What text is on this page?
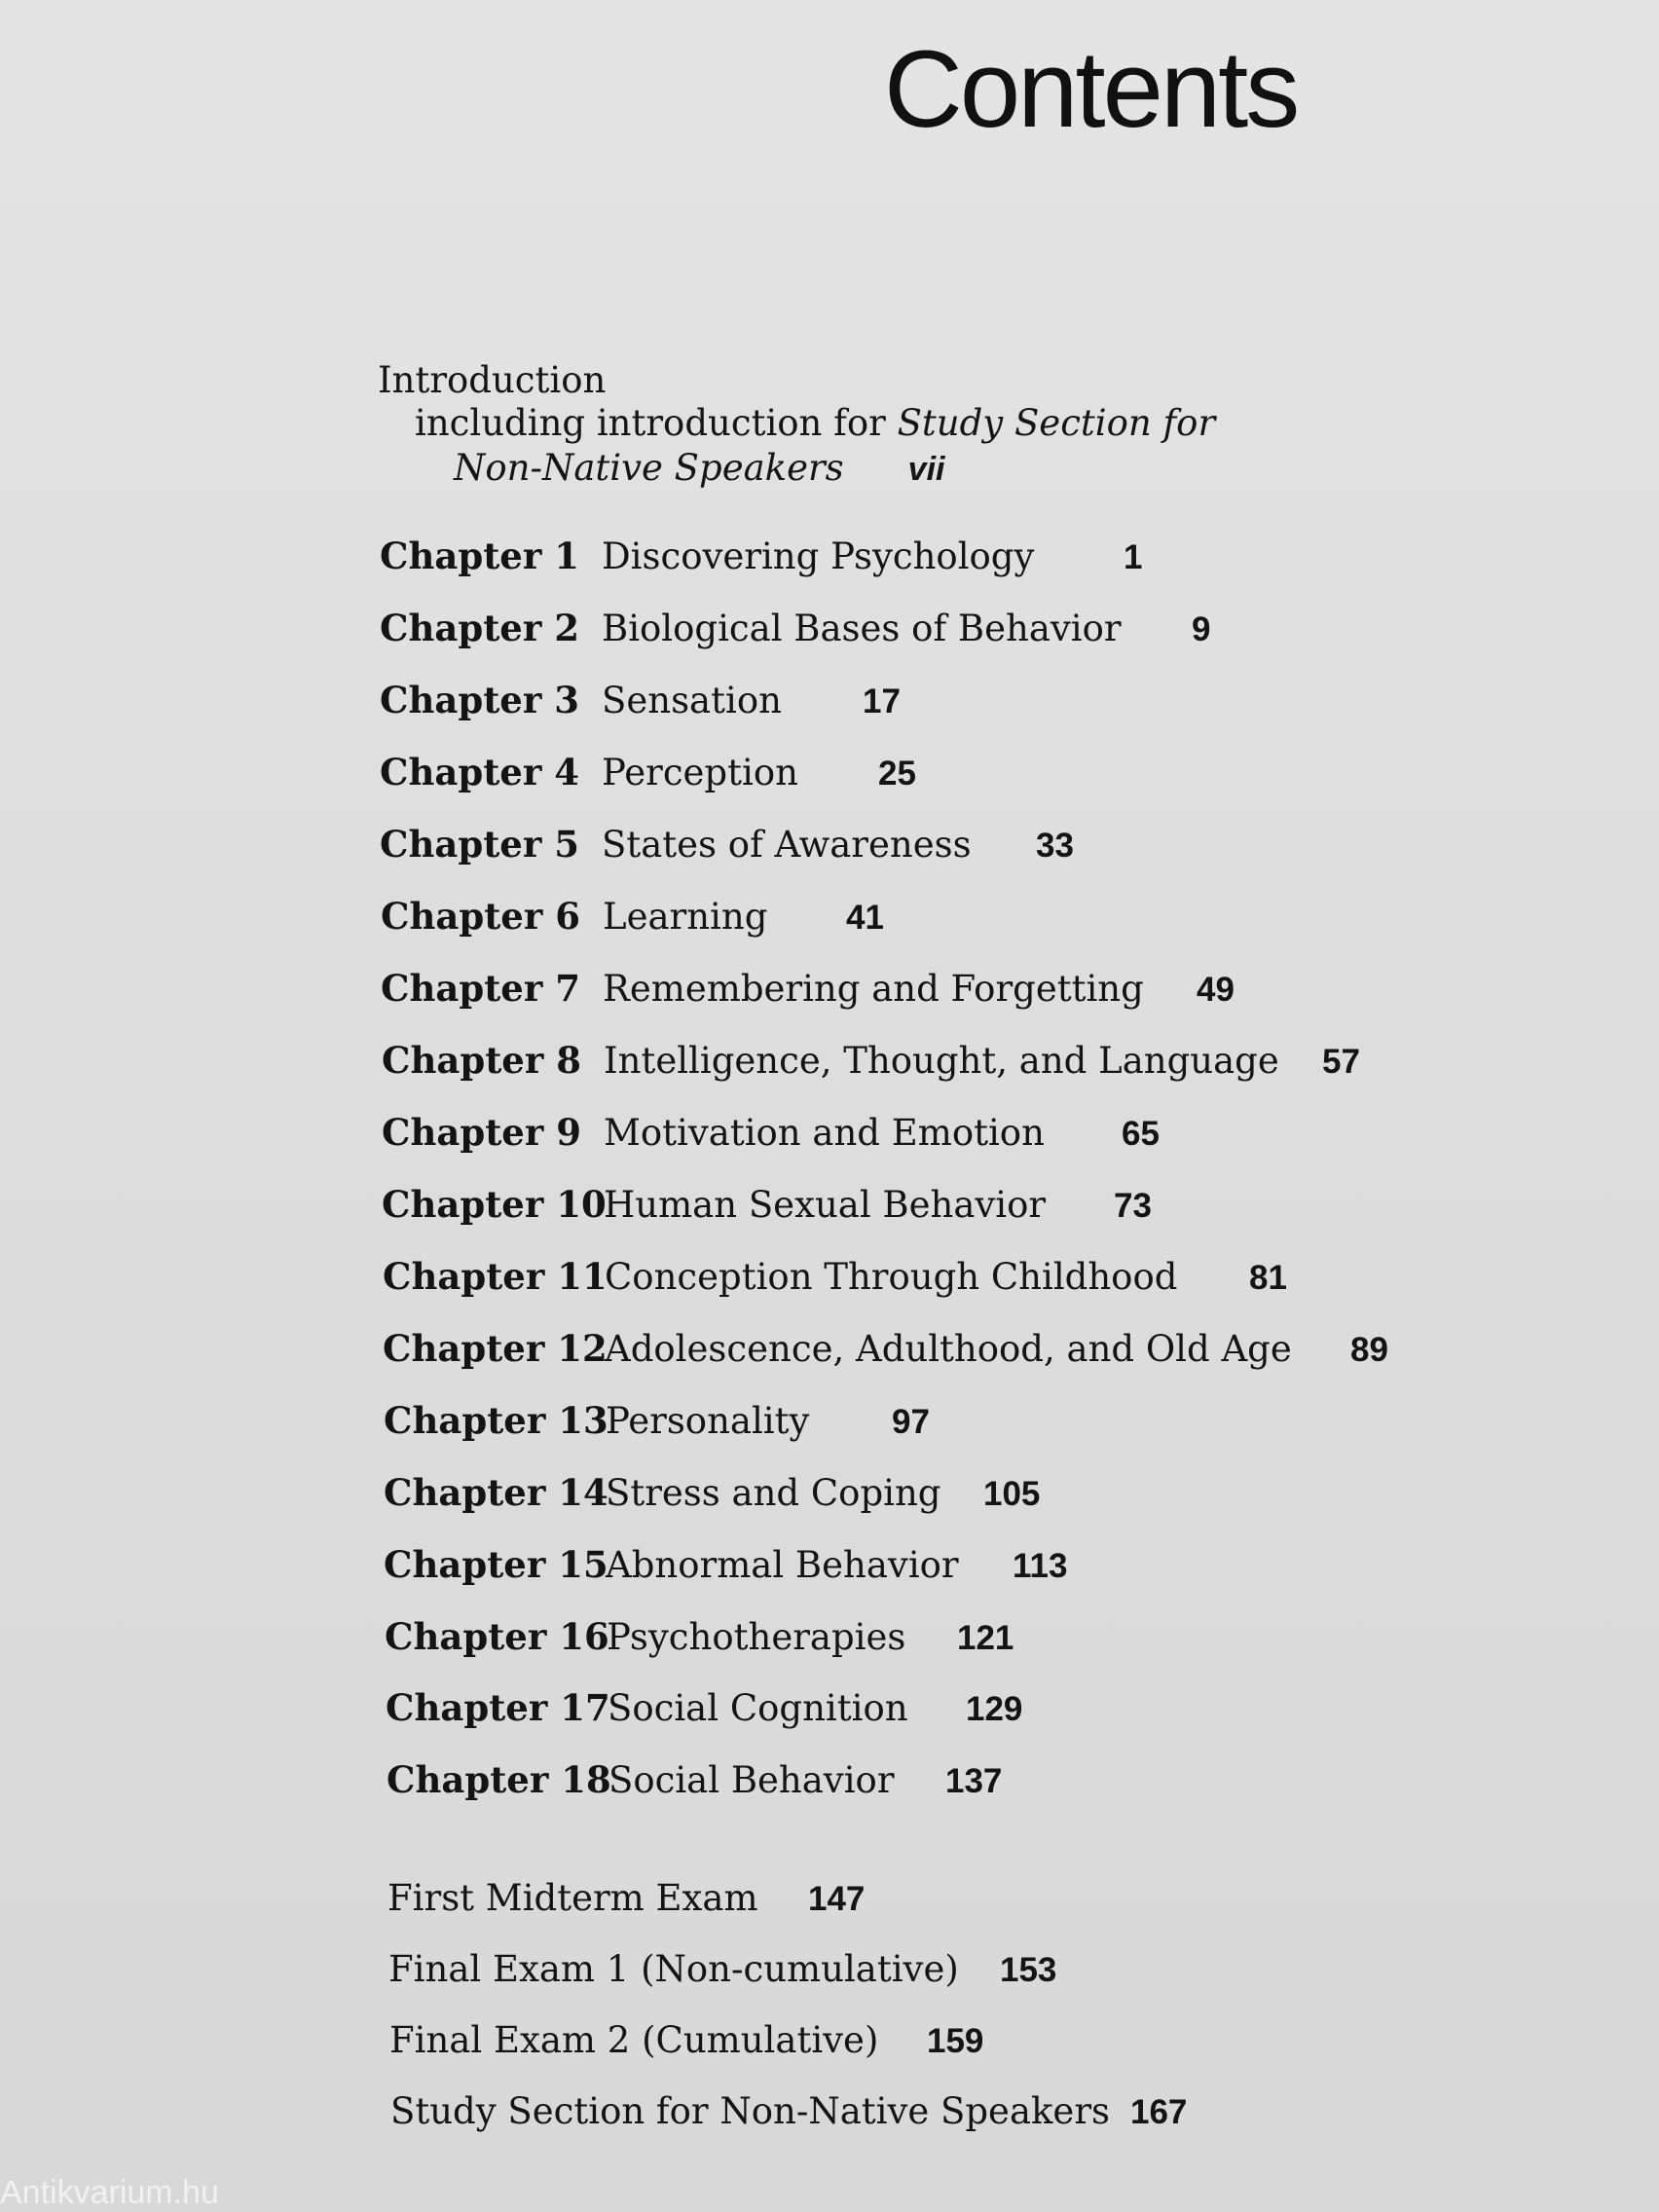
Contents
Introduction
including introduction for Study Section for
Non-Native Speakers vii
Chapter 1 Discovering Psychology	1
Chapter 2 Biological Bases of Behavior 9
Chapter 3 Sensation 17
Chapter 4 Perception 25
Chapter 5 States of Awareness 33
Chapter 6 Learning 41
Chapter 7 Remembering and Forgetting 49
Chapter 8 Intelligence, Thought, and Language 57
Chapter 9 Motivation and Emotion 65
Chapter 10Human Sexual Behavior 73
Chapter 11Conception Through Childhood 81
Chapter 12Adolescence, Adulthood, and Old Age 89
Chapter 13Personality 97
Chapter 14Stress and Coping 105
Chapter 15Abnormal Behavior 113
Chapter 16Psychotherapies 121
Chapter 17Social Cognition 129
Chapter 18Social Behavior 137
First Midterm Exam 147
Final Exam 1 (Non-cumulative) 153
Final Exam 2 (Cumulative) 159
Study Section for Non-Native Speakers 167
Antikvarium.hu
